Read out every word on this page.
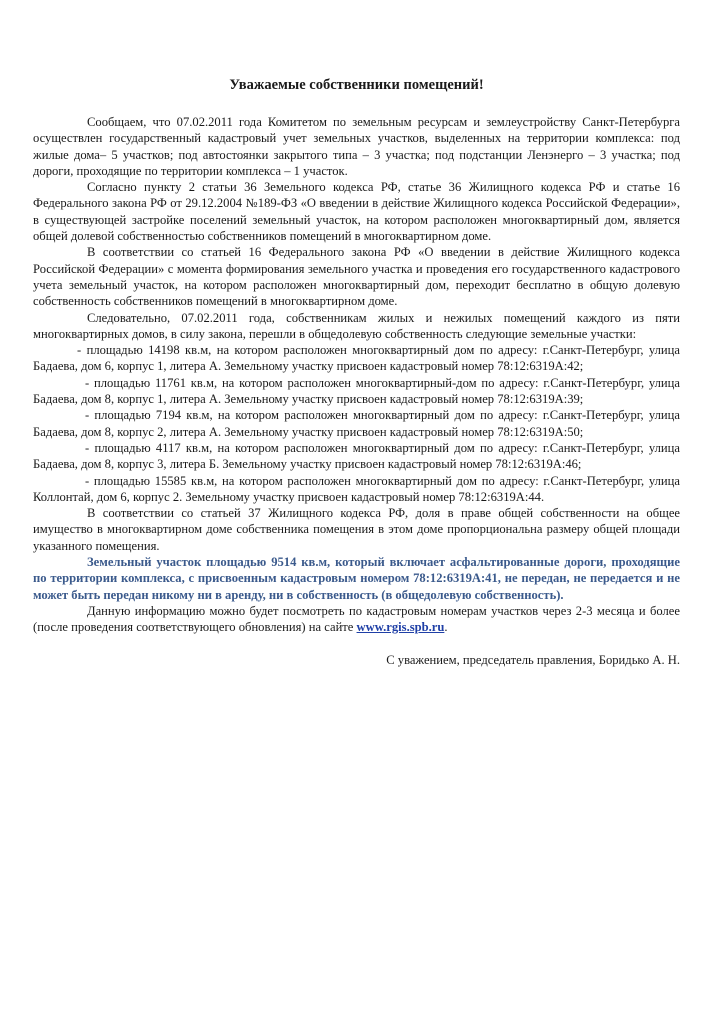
Уважаемые собственники помещений!

Сообщаем, что 07.02.2011 года Комитетом по земельным ресурсам и землеустройству Санкт-Петербурга осуществлен государственный кадастровый учет земельных участков, выделенных на территории комплекса: под жилые дома– 5 участков; под автостоянки закрытого типа – 3 участка; под подстанции Ленэнерго – 3 участка; под дороги, проходящие по территории комплекса – 1 участок.

Согласно пункту 2 статьи 36 Земельного кодекса РФ, статье 36 Жилищного кодекса РФ и статье 16 Федерального закона РФ от 29.12.2004 №189-ФЗ «О введении в действие Жилищного кодекса Российской Федерации», в существующей застройке поселений земельный участок, на котором расположен многоквартирный дом, является общей долевой собственностью собственников помещений в многоквартирном доме.

В соответствии со статьей 16 Федерального закона РФ «О введении в действие Жилищного кодекса Российской Федерации» с момента формирования земельного участка и проведения его государственного кадастрового учета земельный участок, на котором расположен многоквартирный дом, переходит бесплатно в общую долевую собственность собственников помещений в многоквартирном доме.

Следовательно, 07.02.2011 года, собственникам жилых и нежилых помещений каждого из пяти многоквартирных домов, в силу закона, перешли в общедолевую собственность следующие земельные участки:

- площадью 14198 кв.м, на котором расположен многоквартирный дом по адресу: г.Санкт-Петербург, улица Бадаева, дом 6, корпус 1, литера А. Земельному участку присвоен кадастровый номер 78:12:6319А:42;

- площадью 11761 кв.м, на котором расположен многоквартирный-дом по адресу: г.Санкт-Петербург, улица Бадаева, дом 8, корпус 1, литера А. Земельному участку присвоен кадастровый номер 78:12:6319А:39;

- площадью 7194 кв.м, на котором расположен многоквартирный дом по адресу: г.Санкт-Петербург, улица Бадаева, дом 8, корпус 2, литера А. Земельному участку присвоен кадастровый номер 78:12:6319А:50;

- площадью 4117 кв.м, на котором расположен многоквартирный дом по адресу: г.Санкт-Петербург, улица Бадаева, дом 8, корпус 3, литера Б. Земельному участку присвоен кадастровый номер 78:12:6319А:46;

- площадью 15585 кв.м, на котором расположен многоквартирный дом по адресу: г.Санкт-Петербург, улица Коллонтай, дом 6, корпус 2. Земельному участку присвоен кадастровый номер 78:12:6319А:44.

В соответствии со статьей 37 Жилищного кодекса РФ, доля в праве общей собственности на общее имущество в многоквартирном доме собственника помещения в этом доме пропорциональна размеру общей площади указанного помещения.

Земельный участок площадью 9514 кв.м, который включает асфальтированные дороги, проходящие по территории комплекса, с присвоенным кадастровым номером 78:12:6319А:41, не передан, не передается и не может быть передан никому ни в аренду, ни в собственность (в общедолевую собственность).

Данную информацию можно будет посмотреть по кадастровым номерам участков через 2-3 месяца и более (после проведения соответствующего обновления) на сайте www.rgis.spb.ru.

С уважением, председатель правления, Боридько А. Н.
